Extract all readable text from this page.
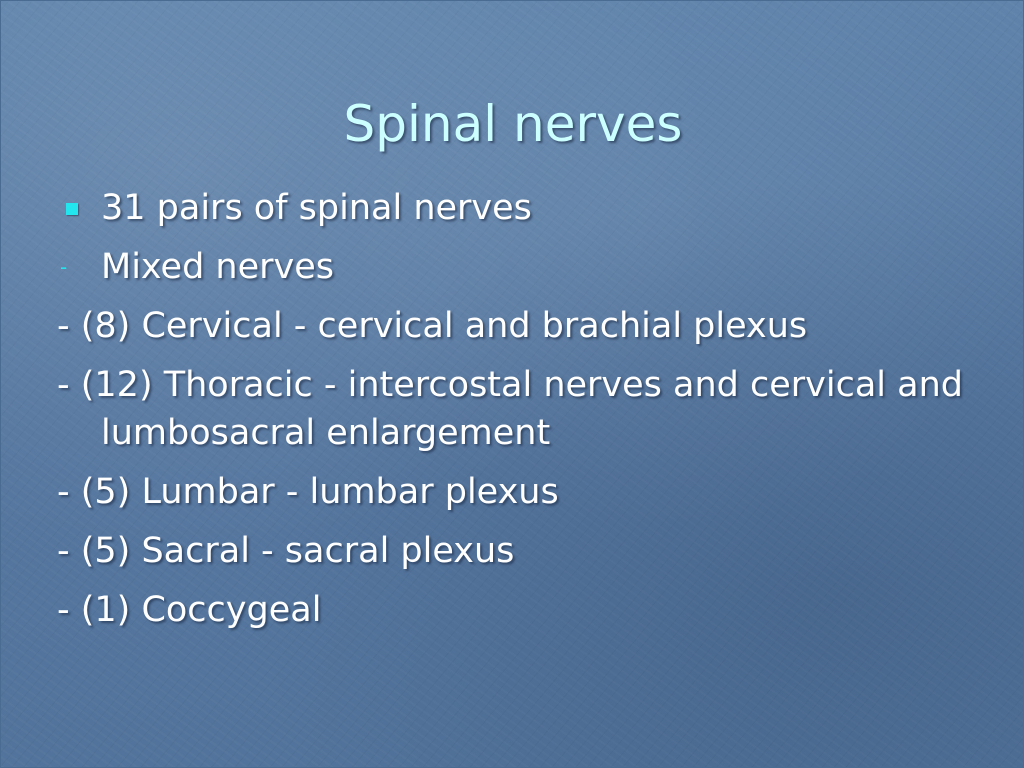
Spinal nerves
31 pairs of spinal nerves
- Mixed nerves
- (8) Cervical - cervical and brachial plexus
- (12) Thoracic - intercostal nerves and cervical and lumbosacral enlargement
- (5) Lumbar - lumbar plexus
- (5) Sacral - sacral plexus
- (1) Coccygeal
